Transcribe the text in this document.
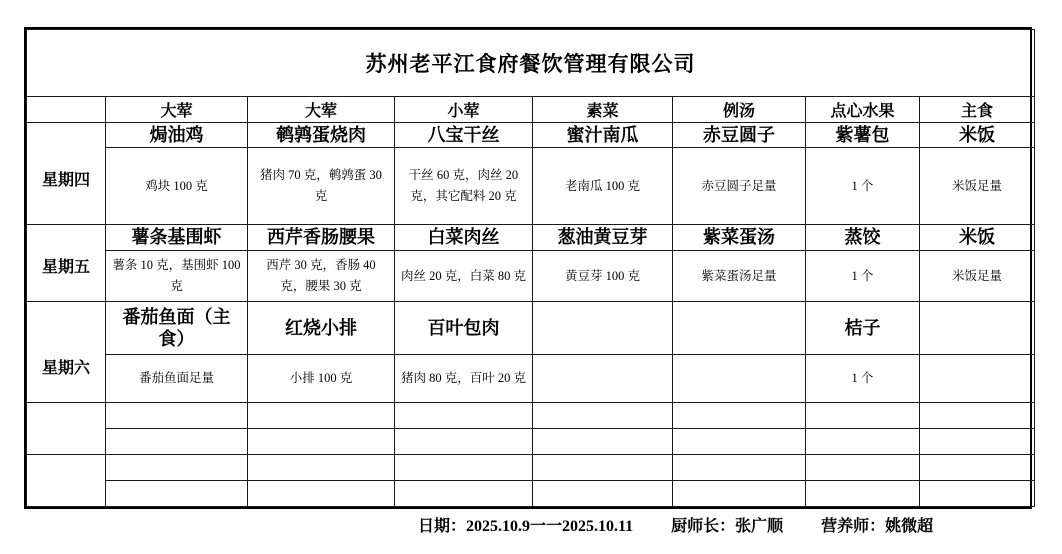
苏州老平江食府餐饮管理有限公司							
	大荤	大荤	小荤	素菜	例汤	点心水果	主食
星期四	焗油鸡	鹌鹑蛋烧肉	八宝干丝	蜜汁南瓜	赤豆圆子	紫薯包	米饭
	鸡块 100 克	猪肉 70 克，鹌鹑蛋 30 克	干丝 60 克，肉丝 20 克，其它配料 20 克	老南瓜 100 克	赤豆圆子足量	1 个	米饭足量
星期五	薯条基围虾	西芹香肠腰果	白菜肉丝	葱油黄豆芽	紫菜蛋汤	蒸饺	米饭
	薯条 10 克，基围虾 100 克	西芹 30 克，香肠 40 克，腰果 30 克	肉丝 20 克，白菜 80 克	黄豆芽 100 克	紫菜蛋汤足量	1 个	米饭足量
星期六	番茄鱼面（主食）	红烧小排	百叶包肉			桔子	
	番茄鱼面足量	小排 100 克	猪肉 80 克，百叶 20 克			1 个	

日期：2025.10.9一一2025.10.11 厨师长：张广顺 营养师：姚微超
